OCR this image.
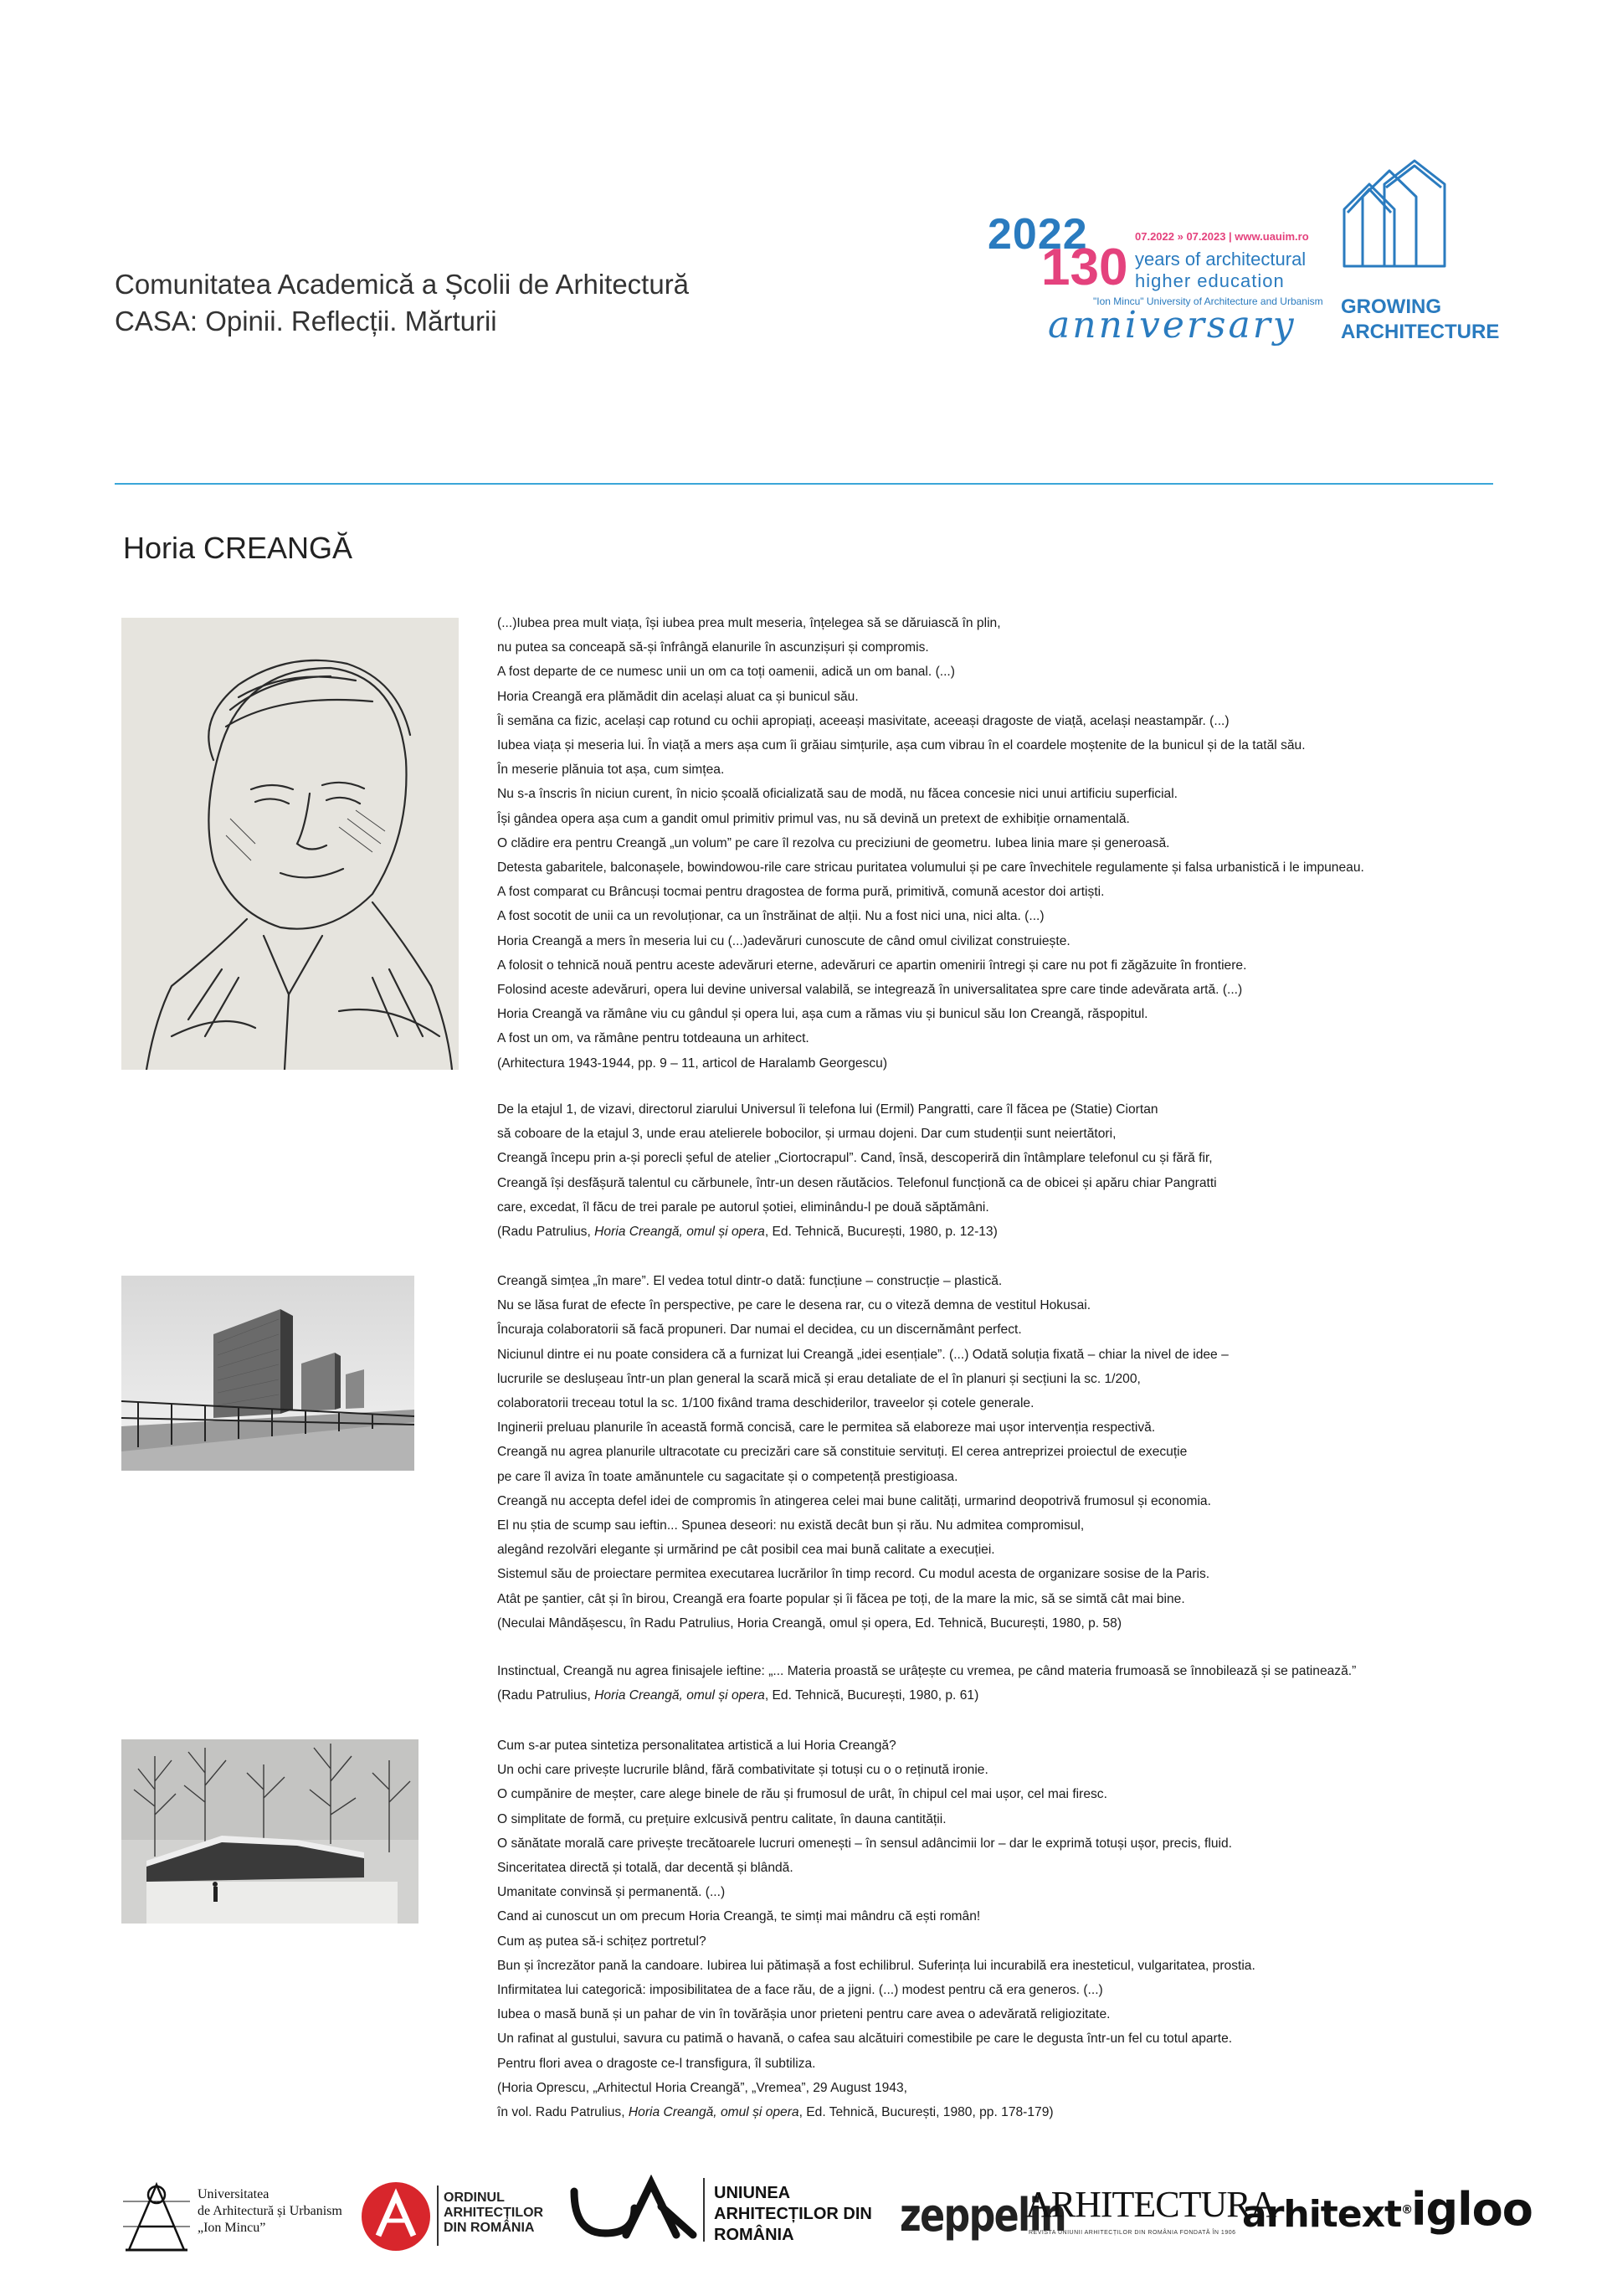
Comunitatea Academică a Școlii de Arhitectură
CASA: Opinii. Reflecții. Mărturii
2022
130
07.2022 » 07.2023 | www.uauim.ro
years of architectural
higher education
"Ion Mincu" University of Architecture and Urbanism
anniversary GROWING
ARCHITECTURE
Horia CREANGĂ
(...)Iubea prea mult viața, își iubea prea mult meseria, înțelegea să se dăruiască în plin,
nu putea sa conceapă să-și înfrângă elanurile în ascunzișuri și compromis.
A fost departe de ce numesc unii un om ca toți oamenii, adică un om banal. (...)
Horia Creangă era plămădit din același aluat ca și bunicul său.
Îi semăna ca fizic, același cap rotund cu ochii apropiați, aceeași masivitate, aceeași dragoste de viață, același neastampăr. (...)
Iubea viața și meseria lui. În viață a mers așa cum îi grăiau simțurile, așa cum vibrau în el coardele moștenite de la bunicul și de la tatăl său.
În meserie plănuia tot așa, cum simțea.
Nu s-a înscris în niciun curent, în nicio școală oficializată sau de modă, nu făcea concesie nici unui artificiu superficial.
Își gândea opera așa cum a gandit omul primitiv primul vas, nu să devină un pretext de exhibiție ornamentală.
O clădire era pentru Creangă „un volum” pe care îl rezolva cu preciziuni de geometru. Iubea linia mare și generoasă.
Detesta gabaritele, balconașele, bowindowou-rile care stricau puritatea volumului și pe care învechitele regulamente și falsa urbanistică i le impuneau.
A fost comparat cu Brâncuși tocmai pentru dragostea de forma pură, primitivă, comună acestor doi artiști.
A fost socotit de unii ca un revoluționar, ca un înstrăinat de alții. Nu a fost nici una, nici alta. (...)
Horia Creangă a mers în meseria lui cu (...)adevăruri cunoscute de când omul civilizat construiește.
A folosit o tehnică nouă pentru aceste adevăruri eterne, adevăruri ce apartin omenirii întregi și care nu pot fi zăgăzuite în frontiere.
Folosind aceste adevăruri, opera lui devine universal valabilă, se integrează în universalitatea spre care tinde adevărata artă. (...)
Horia Creangă va rămâne viu cu gândul și opera lui, așa cum a rămas viu și bunicul său Ion Creangă, răspopitul.
A fost un om, va rămâne pentru totdeauna un arhitect.
(Arhitectura 1943-1944, pp. 9 – 11, articol de Haralamb Georgescu)
De la etajul 1, de vizavi, directorul ziarului Universul îi telefona lui (Ermil) Pangratti, care îl făcea pe (Statie) Ciortan
să coboare de la etajul 3, unde erau atelierele bobocilor, și urmau dojeni. Dar cum studenții sunt neiertători,
Creangă începu prin a-și porecli șeful de atelier „Ciortocrapul”. Cand, însă, descoperiră din întâmplare telefonul cu și fără fir,
Creangă își desfășură talentul cu cărbunele, într-un desen răutăcios. Telefonul funcționă ca de obicei și apăru chiar Pangratti
care, excedat, îl făcu de trei parale pe autorul șotiei, eliminându-l pe două săptămâni.
(Radu Patrulius, Horia Creangă, omul și opera, Ed. Tehnică, București, 1980, p. 12-13)
Creangă simțea „în mare”. El vedea totul dintr-o dată: funcțiune – construcție – plastică.
Nu se lăsa furat de efecte în perspective, pe care le desena rar, cu o viteză demna de vestitul Hokusai.
Încuraja colaboratorii să facă propuneri. Dar numai el decidea, cu un discernământ perfect.
Niciunul dintre ei nu poate considera că a furnizat lui Creangă „idei esențiale”. (...) Odată soluția fixată – chiar la nivel de idee –
lucrurile se deslușeau într-un plan general la scară mică și erau detaliate de el în planuri și secțiuni la sc. 1/200,
colaboratorii treceau totul la sc. 1/100 fixând trama deschiderilor, traveelor și cotele generale.
Inginerii preluau planurile în această formă concisă, care le permitea să elaboreze mai ușor intervenția respectivă.
Creangă nu agrea planurile ultracotate cu precizări care să constituie servituți. El cerea antreprizei proiectul de execuție
pe care îl aviza în toate amănuntele cu sagacitate și o competență prestigioasa.
Creangă nu accepta defel idei de compromis în atingerea celei mai bune calități, urmarind deopotrivă frumosul și economia.
El nu știa de scump sau ieftin... Spunea deseori: nu există decât bun și rău. Nu admitea compromisul,
alegând rezolvări elegante și urmărind pe cât posibil cea mai bună calitate a execuției.
Sistemul său de proiectare permitea executarea lucrărilor în timp record. Cu modul acesta de organizare sosise de la Paris.
Atât pe șantier, cât și în birou, Creangă era foarte popular și îi făcea pe toți, de la mare la mic, să se simtă cât mai bine.
(Neculai Mândășescu, în Radu Patrulius, Horia Creangă, omul și opera, Ed. Tehnică, București, 1980, p. 58)
Instinctual, Creangă nu agrea finisajele ieftine: „... Materia proastă se urâțește cu vremea, pe când materia frumoasă se înnobilează și se patinează.”
(Radu Patrulius, Horia Creangă, omul și opera, Ed. Tehnică, București, 1980, p. 61)
Cum s-ar putea sintetiza personalitatea artistică a lui Horia Creangă?
Un ochi care privește lucrurile blând, fără combativitate și totuși cu o o reținută ironie.
O cumpănire de meșter, care alege binele de rău și frumosul de urât, în chipul cel mai ușor, cel mai firesc.
O simplitate de formă, cu prețuire exlcusivă pentru calitate, în dauna cantității.
O sănătate morală care privește trecătoarele lucruri omenești – în sensul adâncimii lor – dar le exprimă totuși ușor, precis, fluid.
Sinceritatea directă și totală, dar decentă și blândă.
Umanitate convinsă și permanentă. (...)
Cand ai cunoscut un om precum Horia Creangă, te simți mai mândru că ești român!
Cum aș putea să-i schițez portretul?
Bun și încrezător pană la candoare. Iubirea lui pătimașă a fost echilibrul. Suferința lui incurabilă era inesteticul, vulgaritatea, prostia.
Infirmitatea lui categorică: imposibilitatea de a face rău, de a jigni. (...) modest pentru că era generos. (...)
Iubea o masă bună și un pahar de vin în tovărășia unor prieteni pentru care avea o adevărată religiozitate.
Un rafinat al gustului, savura cu patimă o havană, o cafea sau alcătuiri comestibile pe care le degusta într-un fel cu totul aparte.
Pentru flori avea o dragoste ce-l transfigura, îl subtiliza.
(Horia Oprescu, „Arhitectul Horia Creangă”, „Vremea”, 29 August 1943,
în vol. Radu Patrulius, Horia Creangă, omul și opera, Ed. Tehnică, București, 1980, pp. 178-179)
Universitatea
de Arhitectură și Urbanism
„Ion Mincu”
ORDINUL
ARHITECȚILOR
DIN ROMÂNIA
UNIUNEA
ARHITECȚILOR DIN
ROMÂNIA	zeppelin
ARHITECTURA
REVISTA UNIUNII ARHITECȚILOR DIN ROMÂNIA FONDATĂ ÎN 1906 arhitext®
igloo
